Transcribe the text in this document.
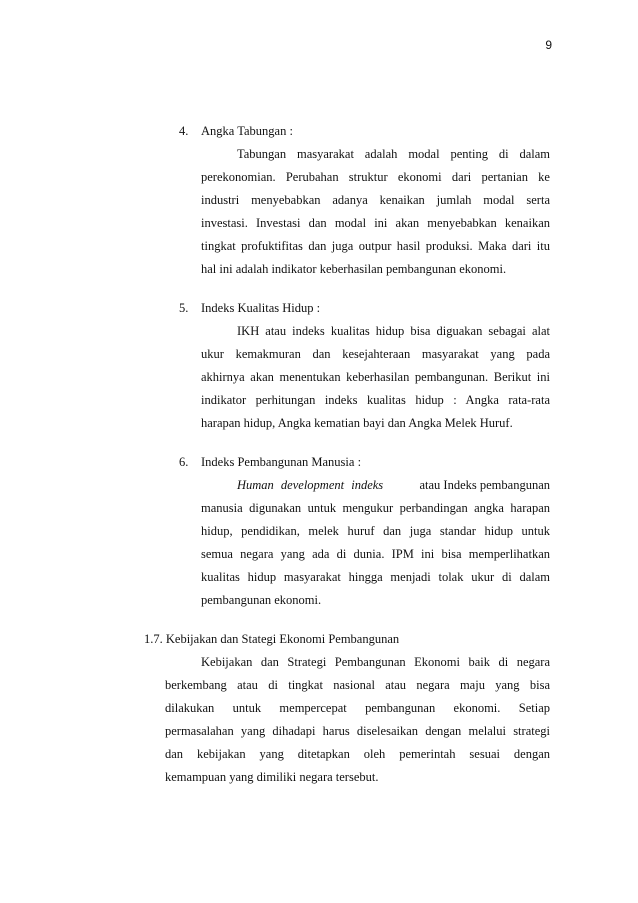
9
4. Angka Tabungan :
Tabungan masyarakat adalah modal penting di dalam
perekonomian. Perubahan struktur ekonomi dari pertanian ke
industri menyebabkan adanya kenaikan jumlah modal serta
investasi. Investasi dan modal ini akan menyebabkan kenaikan
tingkat profuktifitas dan juga outpur hasil produksi. Maka dari itu
hal ini adalah indikator keberhasilan pembangunan ekonomi.
5. Indeks Kualitas Hidup :
IKH atau indeks kualitas hidup bisa diguakan sebagai alat
ukur kemakmuran dan kesejahteraan masyarakat yang pada
akhirnya akan menentukan keberhasilan pembangunan. Berikut ini
indikator perhitungan indeks kualitas hidup : Angka rata-rata
harapan hidup, Angka kematian bayi dan Angka Melek Huruf.
6. Indeks Pembangunan Manusia :
Human development indeks	atau Indeks pembangunan
manusia digunakan untuk mengukur perbandingan angka harapan
hidup, pendidikan, melek huruf dan juga standar hidup untuk
semua negara yang ada di dunia. IPM ini bisa memperlihatkan
kualitas hidup masyarakat hingga menjadi tolak ukur di dalam
pembangunan ekonomi.
1.7. Kebijakan dan Stategi Ekonomi Pembangunan
Kebijakan dan Strategi Pembangunan Ekonomi baik di negara
berkembang atau di tingkat nasional atau negara maju yang bisa
dilakukan untuk mempercepat pembangunan ekonomi. Setiap
permasalahan yang dihadapi harus diselesaikan dengan melalui strategi
dan kebijakan yang ditetapkan oleh pemerintah sesuai dengan
kemampuan yang dimiliki negara tersebut.
